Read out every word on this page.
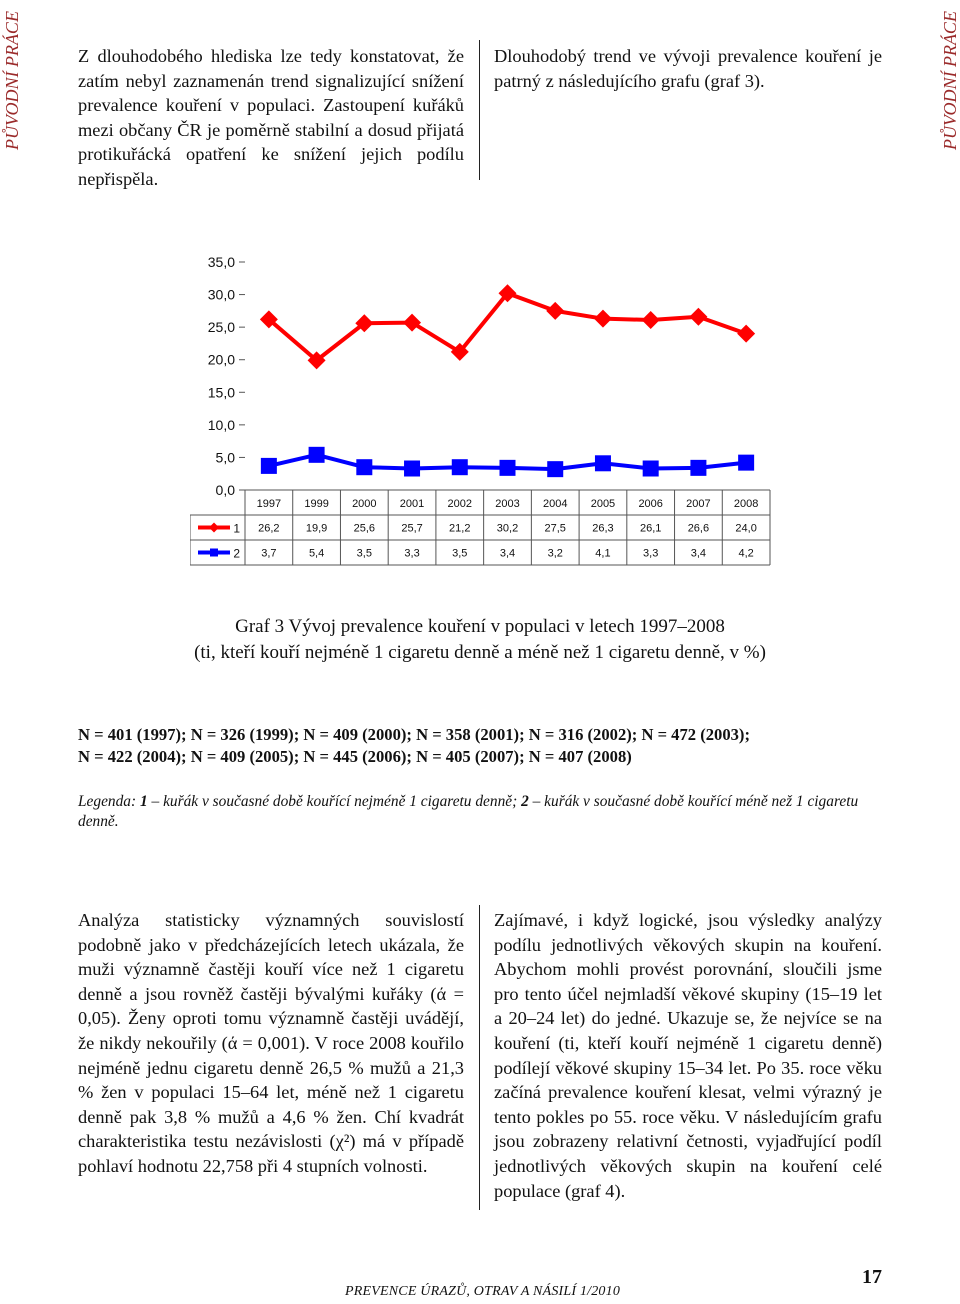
PŮVODNÍ PRÁCE	PŮVODNÍ PRÁCE

Z dlouhodobého hlediska lze tedy konstatovat, že zatím nebyl zaznamenán trend signalizující snížení prevalence kouření v populaci. Zastoupení kuřáků mezi občany ČR je poměrně stabilní a dosud přijatá protikuřácká opatření ke snížení jejich podílu nepřispěla.

Dlouhodobý trend ve vývoji prevalence kouření je patrný z následujícího grafu (graf 3).

0,0
5,0
10,0
15,0
20,0
25,0
30,0
35,0
1997 1999 2000 2001 2002 2003 2004 2005 2006 2007 2008
1 26,2 19,9 25,6 25,7 21,2 30,2 27,5 26,3 26,1 26,6 24,0
2 3,7	5,4	3,5	3,3	3,5	3,4	3,2	4,1	3,3	3,4	4,2
Graf 3 Vývoj prevalence kouření v populaci v letech 1997–2008
(ti, kteří kouří nejméně 1 cigaretu denně a méně než 1 cigaretu denně, v %)
N = 401 (1997); N = 326 (1999); N = 409 (2000); N = 358 (2001); N = 316 (2002); N = 472 (2003);
N = 422 (2004); N = 409 (2005); N = 445 (2006); N = 405 (2007); N = 407 (2008)
Legenda: 1 – kuřák v současné době kouřící nejméně 1 cigaretu denně; 2 – kuřák v současné době kouřící méně než 1 cigaretu denně.

Analýza statisticky významných souvislostí podobně jako v předcházejících letech ukázala, že muži významně častěji kouří více než 1 cigaretu denně a jsou rovněž častěji bývalými kuřáky (ά = 0,05). Ženy oproti tomu významně častěji uvádějí, že nikdy nekouřily (ά = 0,001). V roce 2008 kouřilo nejméně jednu cigaretu denně 26,5 % mužů a 21,3 % žen v populaci 15–64 let, méně než 1 cigaretu denně pak 3,8 % mužů a 4,6 % žen. Chí kvadrát charakteristika testu nezávislosti (χ²) má v případě pohlaví hodnotu 22,758 při 4 stupních volnosti.

Zajímavé, i když logické, jsou výsledky analýzy podílu jednotlivých věkových skupin na kouření. Abychom mohli provést porovnání, sloučili jsme pro tento účel nejmladší věkové skupiny (15–19 let a 20–24 let) do jedné. Ukazuje se, že nejvíce se na kouření (ti, kteří kouří nejméně 1 cigaretu denně) podílejí věkové skupiny 15–34 let. Po 35. roce věku začíná prevalence kouření klesat, velmi výrazný je tento pokles po 55. roce věku. V následujícím grafu jsou zobrazeny relativní četnosti, vyjadřující podíl jednotlivých věkových skupin na kouření celé populace (graf 4).

PREVENCE ÚRAZŮ, OTRAV A NÁSILÍ 1/2010
17
